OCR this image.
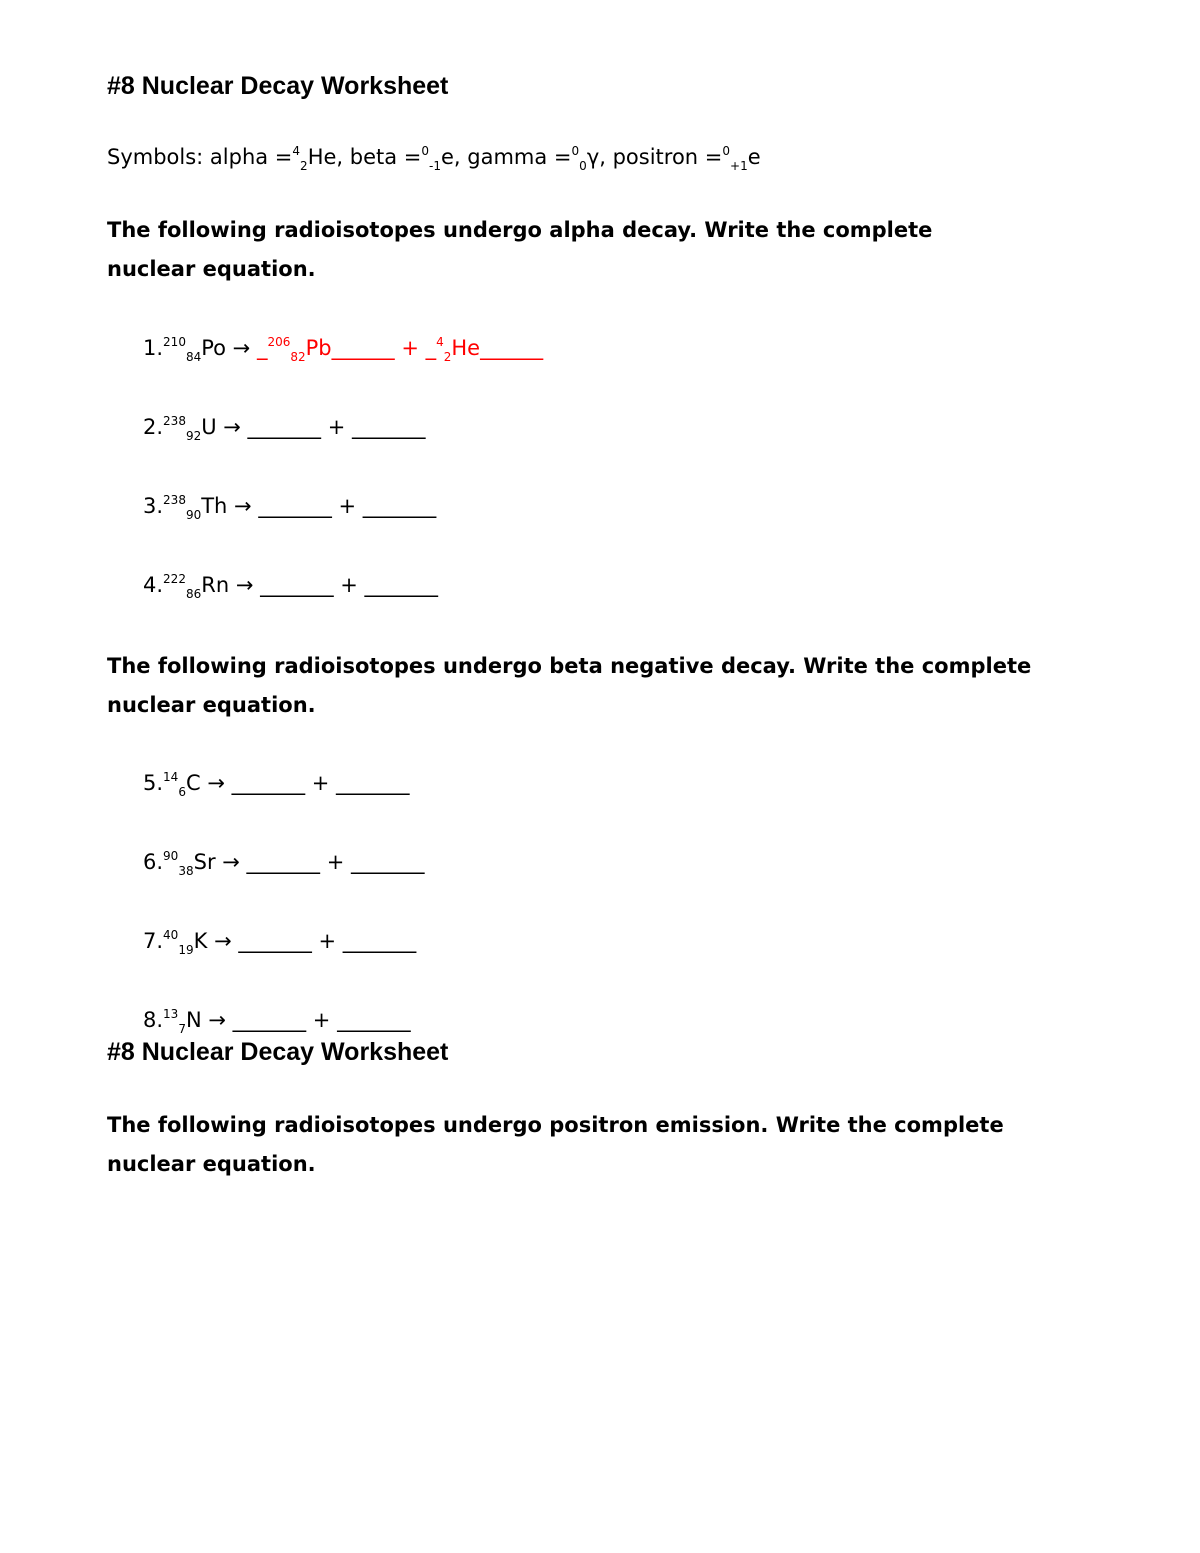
#8 Nuclear Decay Worksheet
Symbols: alpha =$^4_2$He, beta =$^0_{-1}$e, gamma =$^0_0$γ, positron =$^0_{+1}$e
The following radioisotopes undergo alpha decay. Write the complete
nuclear equation.
1.$^{210}_{84}$Po → _$^{206}_{82}$Pb______ + _$^4_2$He______
2.$^{238}_{92}$U → _______ + _______
3.$^{238}_{90}$Th → _______ + _______
4.$^{222}_{86}$Rn → _______ + _______
The following radioisotopes undergo beta negative decay. Write the complete
nuclear equation.
$5.14_6C$ → _______ + _______
$6.90_{38}Sr$ → _______ + _______
$7.40_{19}K$ → _______ + _______
$8.13_7N$ → _______ + _______
#8 Nuclear Decay Worksheet
The following radioisotopes undergo positron emission. Write the complete
nuclear equation.
